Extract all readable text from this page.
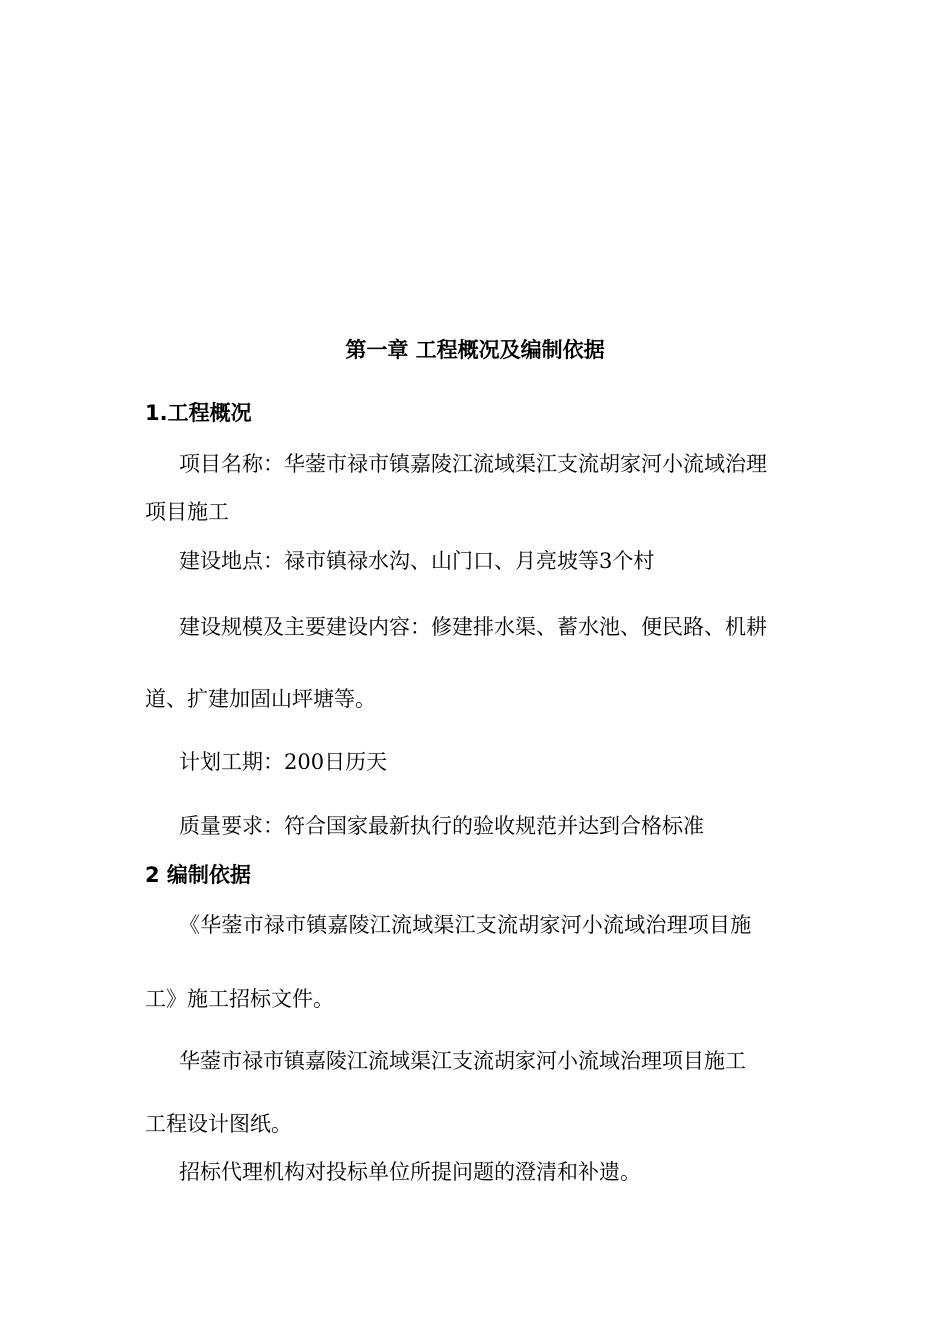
第一章 工程概况及编制依据
1.工程概况
项目名称：华蓥市禄市镇嘉陵江流域渠江支流胡家河小流域治理
项目施工
建设地点：禄市镇禄水沟、山门口、月亮坡等3个村
建设规模及主要建设内容：修建排水渠、蓄水池、便民路、机耕
道、扩建加固山坪塘等。
计划工期：200日历天
质量要求：符合国家最新执行的验收规范并达到合格标准
2 编制依据
《华蓥市禄市镇嘉陵江流域渠江支流胡家河小流域治理项目施
工》施工招标文件。
华蓥市禄市镇嘉陵江流域渠江支流胡家河小流域治理项目施工
工程设计图纸。
招标代理机构对投标单位所提问题的澄清和补遗。
